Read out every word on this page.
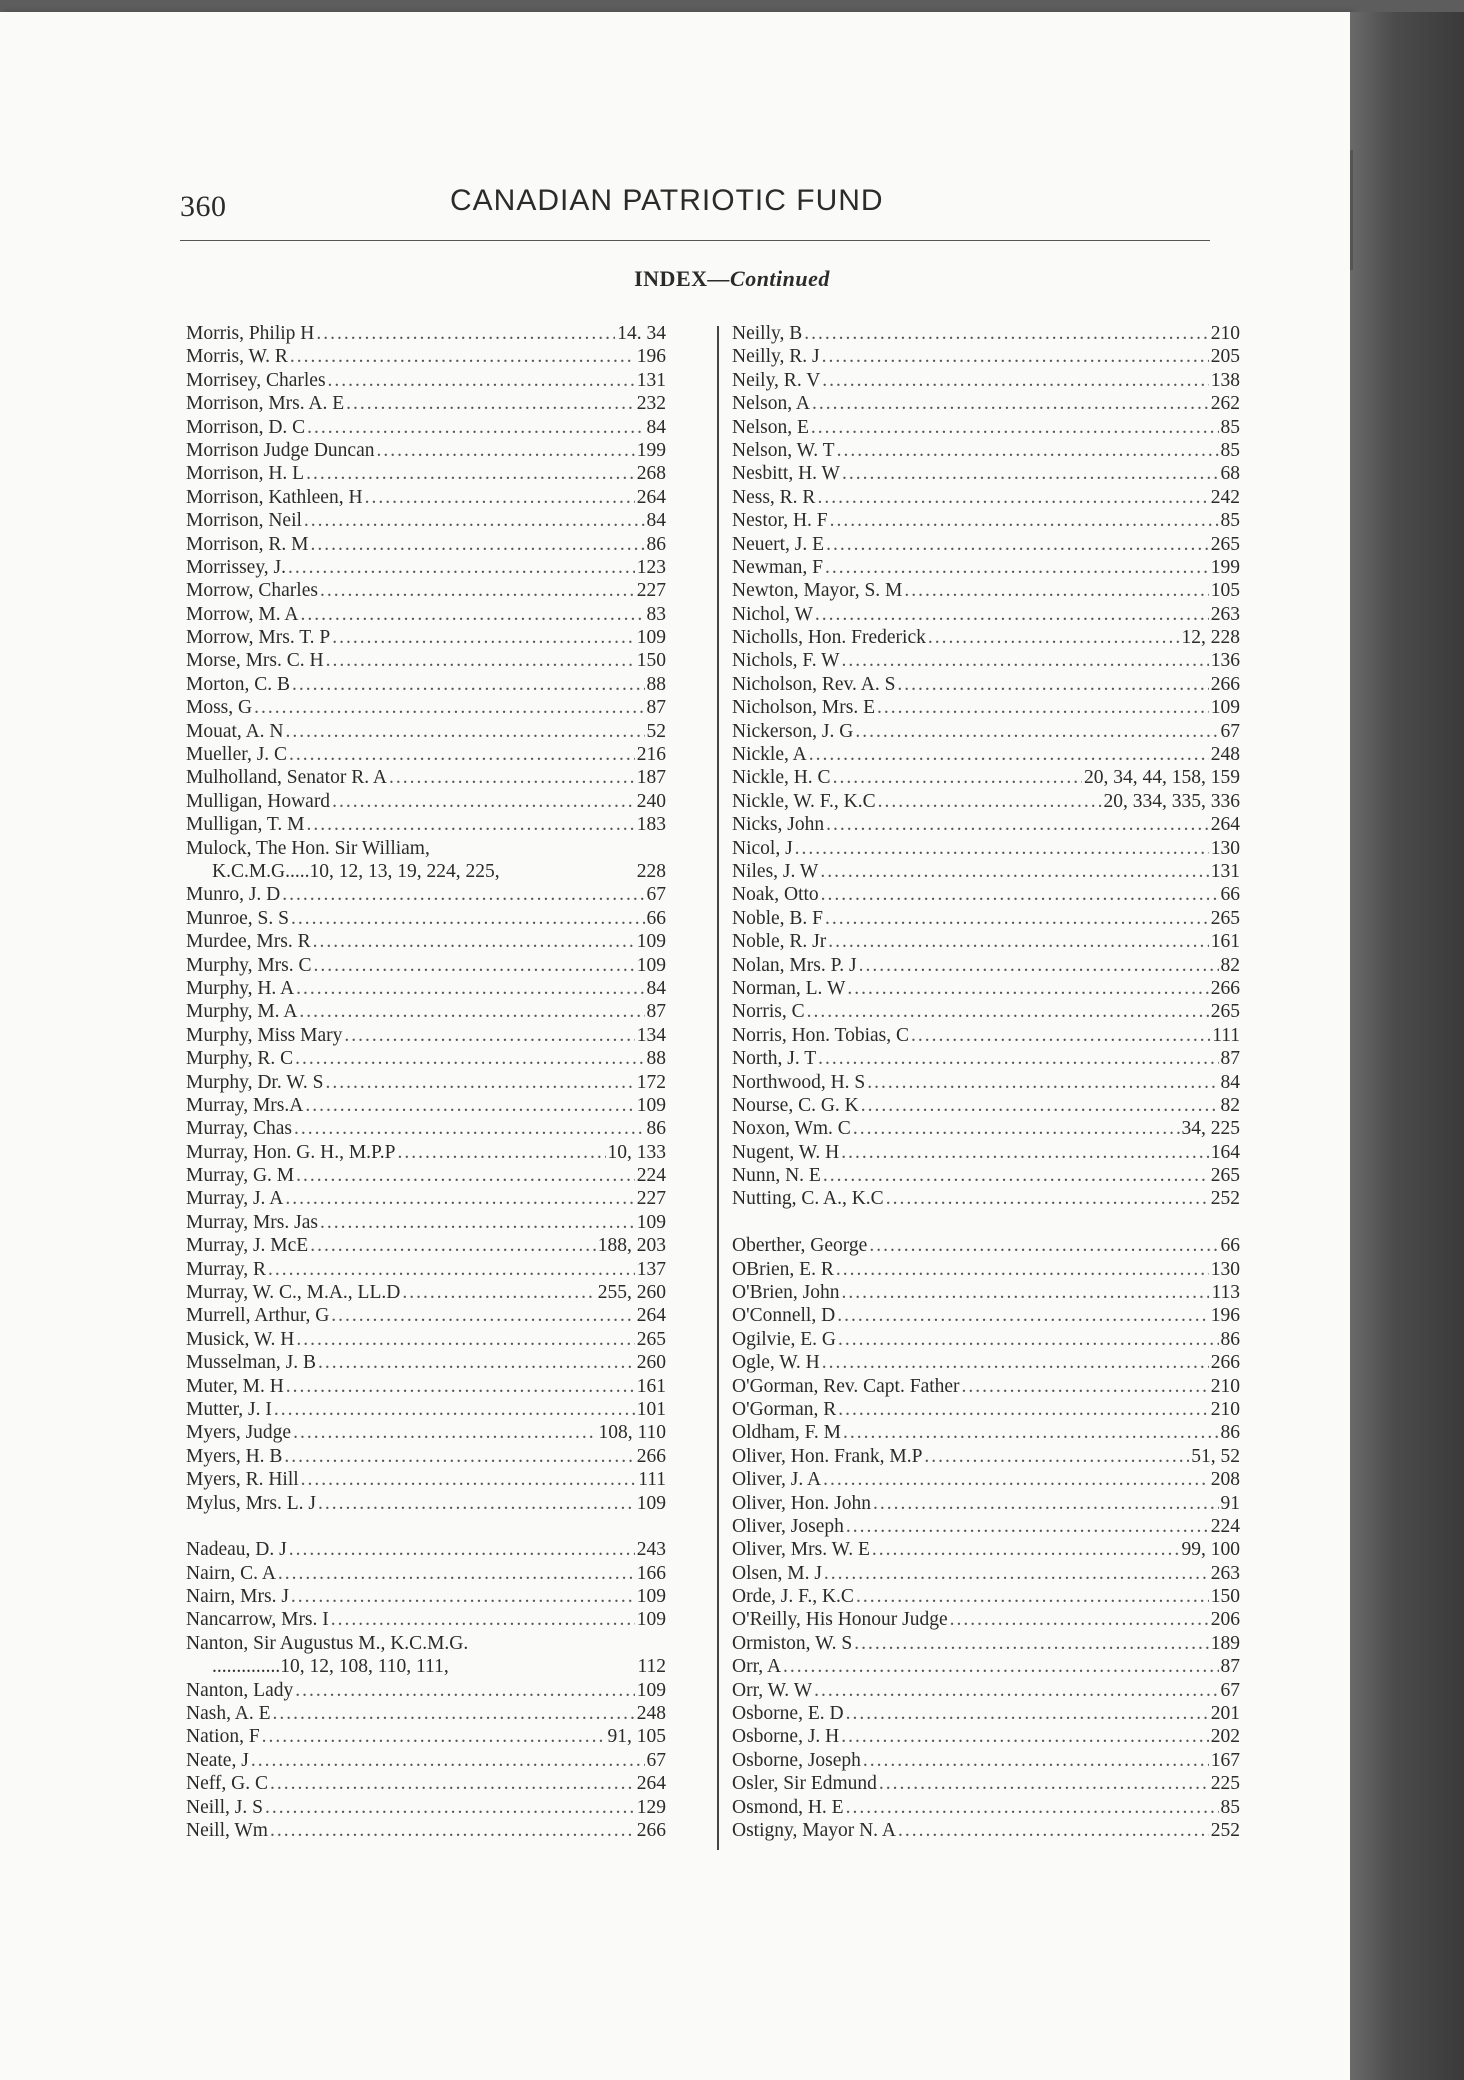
360	CANADIAN PATRIOTIC FUND
INDEX—Continued
Morris, Philip H .....	14. 34
Morris, W. R .....	196
Morrisey, Charles .....	131
Morrison, Mrs. A. E .....	232
Morrison, D. C .....	84
Morrison Judge Duncan .....	199
Morrison, H. L .....	268
Morrison, Kathleen, H .....	264
Morrison, Neil .....	84
Morrison, R. M .....	86
Morrissey, J. .....	123
Morrow, Charles .....	227
Morrow, M. A .....	83
Morrow, Mrs. T. P .....	109
Morse, Mrs. C. H .....	150
Morton, C. B .....	88
Moss, G .....	87
Mouat, A. N .....	52
Mueller, J. C .....	216
Mulholland, Senator R. A .....	187
Mulligan, Howard .....	240
Mulligan, T. M .....	183
Mulock, The Hon. Sir William,
K.C.M.G.....10, 12, 13, 19, 224, 225,	228
Munro, J. D .....	67
Munroe, S. S .....	66
Murdee, Mrs. R .....	109
Murphy, Mrs. C .....	109
Murphy, H. A .....	84
Murphy, M. A .....	87
Murphy, Miss Mary .....	134
Murphy, R. C .....	88
Murphy, Dr. W. S .....	172
Murray, Mrs.A .....	109
Murray, Chas .....	86
Murray, Hon. G. H., M.P.P .....	10, 133
Murray, G. M .....	224
Murray, J. A .....	227
Murray, Mrs. Jas .....	109
Murray, J. McE .....	188, 203
Murray, R .....	137
Murray, W. C., M.A., LL.D .....	255, 260
Murrell, Arthur, G .....	264
Musick, W. H .....	265
Musselman, J. B .....	260
Muter, M. H .....	161
Mutter, J. I .....	101
Myers, Judge .....	108, 110
Myers, H. B .....	266
Myers, R. Hill .....	111
Mylus, Mrs. L. J .....	109
Nadeau, D. J .....	243
Nairn, C. A .....	166
Nairn, Mrs. J .....	109
Nancarrow, Mrs. I .....	109
Nanton, Sir Augustus M., K.C.M.G.
..............10, 12, 108, 110, 111,	112
Nanton, Lady .....	109
Nash, A. E .....	248
Nation, F .....	91, 105
Neate, J .....	67
Neff, G. C .....	264
Neill, J. S .....	129
Neill, Wm .....	266
Neilly, B .....	210
Neilly, R. J .....	205
Neily, R. V .....	138
Nelson, A .....	262
Nelson, E .....	85
Nelson, W. T .....	85
Nesbitt, H. W .....	68
Ness, R. R .....	242
Nestor, H. F .....	85
Neuert, J. E .....	265
Newman, F .....	199
Newton, Mayor, S. M .....	105
Nichol, W .....	263
Nicholls, Hon. Frederick .....	12, 228
Nichols, F. W .....	136
Nicholson, Rev. A. S .....	266
Nicholson, Mrs. E .....	109
Nickerson, J. G .....	67
Nickle, A .....	248
Nickle, H. C .....	20, 34, 44, 158, 159
Nickle, W. F., K.C .....	20, 334, 335, 336
Nicks, John .....	264
Nicol, J .....	130
Niles, J. W .....	131
Noak, Otto .....	66
Noble, B. F .....	265
Noble, R. Jr .....	161
Nolan, Mrs. P. J .....	82
Norman, L. W .....	266
Norris, C .....	265
Norris, Hon. Tobias, C .....	111
North, J. T .....	87
Northwood, H. S .....	84
Nourse, C. G. K .....	82
Noxon, Wm. C .....	34, 225
Nugent, W. H .....	164
Nunn, N. E .....	265
Nutting, C. A., K.C .....	252
Oberther, George .....	66
OBrien, E. R .....	130
O'Brien, John .....	113
O'Connell, D .....	196
Ogilvie, E. G .....	86
Ogle, W. H .....	266
O'Gorman, Rev. Capt. Father .....	210
O'Gorman, R .....	210
Oldham, F. M .....	86
Oliver, Hon. Frank, M.P .....	51, 52
Oliver, J. A .....	208
Oliver, Hon. John .....	91
Oliver, Joseph .....	224
Oliver, Mrs. W. E .....	99, 100
Olsen, M. J .....	263
Orde, J. F., K.C .....	150
O'Reilly, His Honour Judge .....	206
Ormiston, W. S .....	189
Orr, A .....	87
Orr, W. W .....	67
Osborne, E. D .....	201
Osborne, J. H .....	202
Osborne, Joseph .....	167
Osler, Sir Edmund .....	225
Osmond, H. E .....	85
Ostigny, Mayor N. A .....	252
